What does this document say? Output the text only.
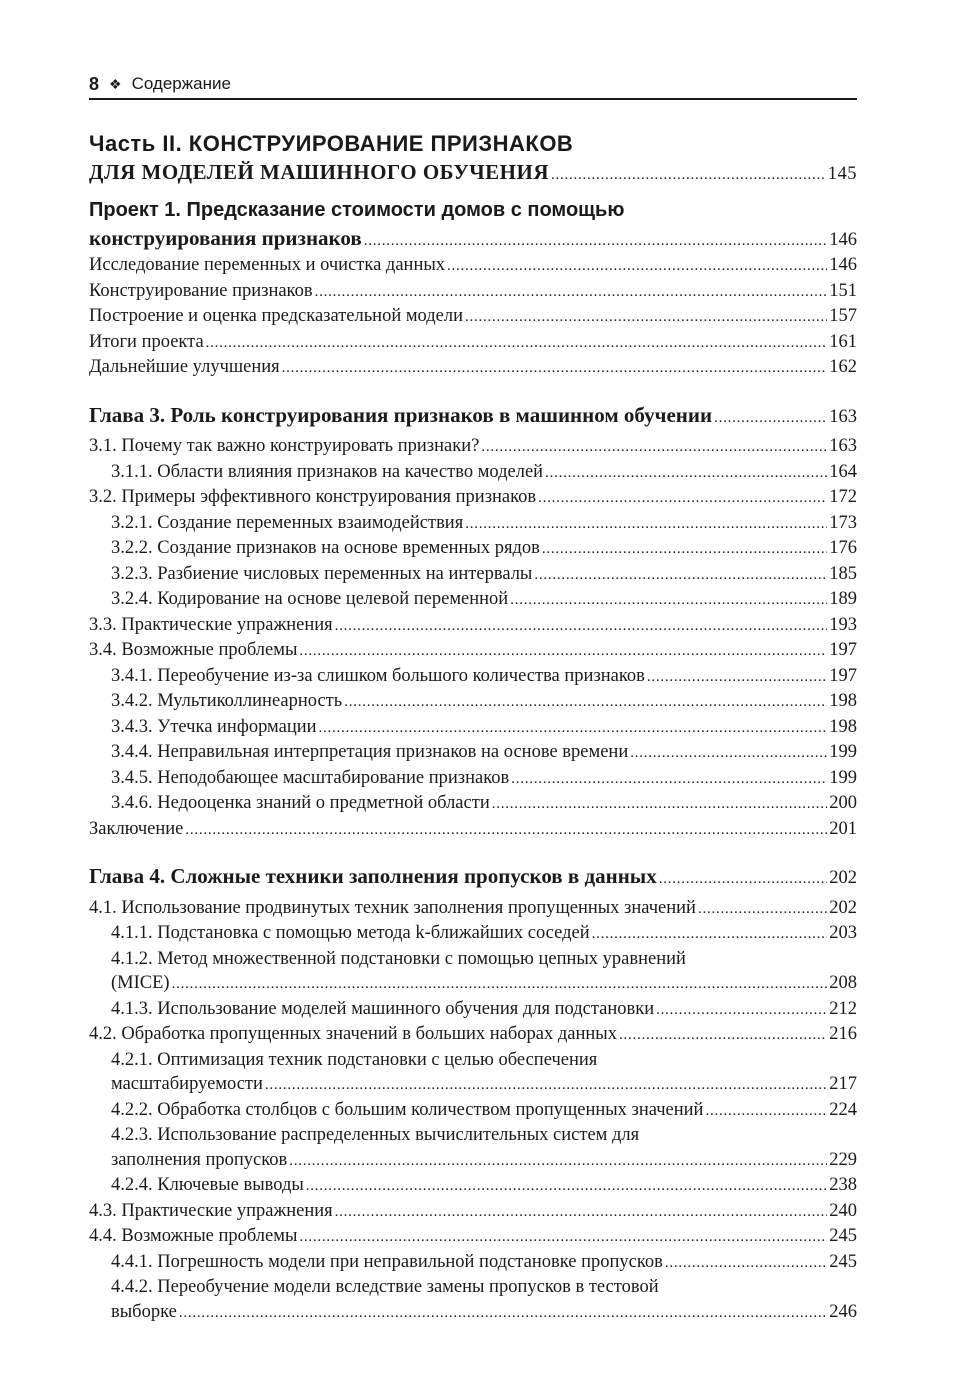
8 ❖ Содержание
Часть II. КОНСТРУИРОВАНИЕ ПРИЗНАКОВ
ДЛЯ МОДЕЛЕЙ МАШИННОГО ОБУЧЕНИЯ . . .	145
Проект 1. Предсказание стоимости домов с помощью
конструирования признаков . . .	146
Исследование переменных и очистка данных . . .	146
Конструирование признаков . . .	151
Построение и оценка предсказательной модели . . .	157
Итоги проекта . . .	161
Дальнейшие улучшения . . .	162
Глава 3. Роль конструирования признаков в машинном обучении . . .	163
3.1. Почему так важно конструировать признаки? . . .	163
3.1.1. Области влияния признаков на качество моделей . . .	164
3.2. Примеры эффективного конструирования признаков . . .	172
3.2.1. Создание переменных взаимодействия . . .	173
3.2.2. Создание признаков на основе временных рядов . . .	176
3.2.3. Разбиение числовых переменных на интервалы . . .	185
3.2.4. Кодирование на основе целевой переменной . . .	189
3.3. Практические упражнения . . .	193
3.4. Возможные проблемы . . .	197
3.4.1. Переобучение из-за слишком большого количества признаков . . .	197
3.4.2. Мультиколлинеарность . . .	198
3.4.3. Утечка информации . . .	198
3.4.4. Неправильная интерпретация признаков на основе времени . . .	199
3.4.5. Неподобающее масштабирование признаков . . .	199
3.4.6. Недооценка знаний о предметной области . . .	200
Заключение . . .	201
Глава 4. Сложные техники заполнения пропусков в данных . . .	202
4.1. Использование продвинутых техник заполнения пропущенных значений . . .	202
4.1.1. Подстановка с помощью метода k-ближайших соседей . . .	203
4.1.2. Метод множественной подстановки с помощью цепных уравнений
(MICE) . . .	208
4.1.3. Использование моделей машинного обучения для подстановки . . .	212
4.2. Обработка пропущенных значений в больших наборах данных . . .	216
4.2.1. Оптимизация техник подстановки с целью обеспечения
масштабируемости . . .	217
4.2.2. Обработка столбцов с большим количеством пропущенных значений . . .	224
4.2.3. Использование распределенных вычислительных систем для
заполнения пропусков . . .	229
4.2.4. Ключевые выводы . . .	238
4.3. Практические упражнения . . .	240
4.4. Возможные проблемы . . .	245
4.4.1. Погрешность модели при неправильной подстановке пропусков . . .	245
4.4.2. Переобучение модели вследствие замены пропусков в тестовой
выборке . . .	246
